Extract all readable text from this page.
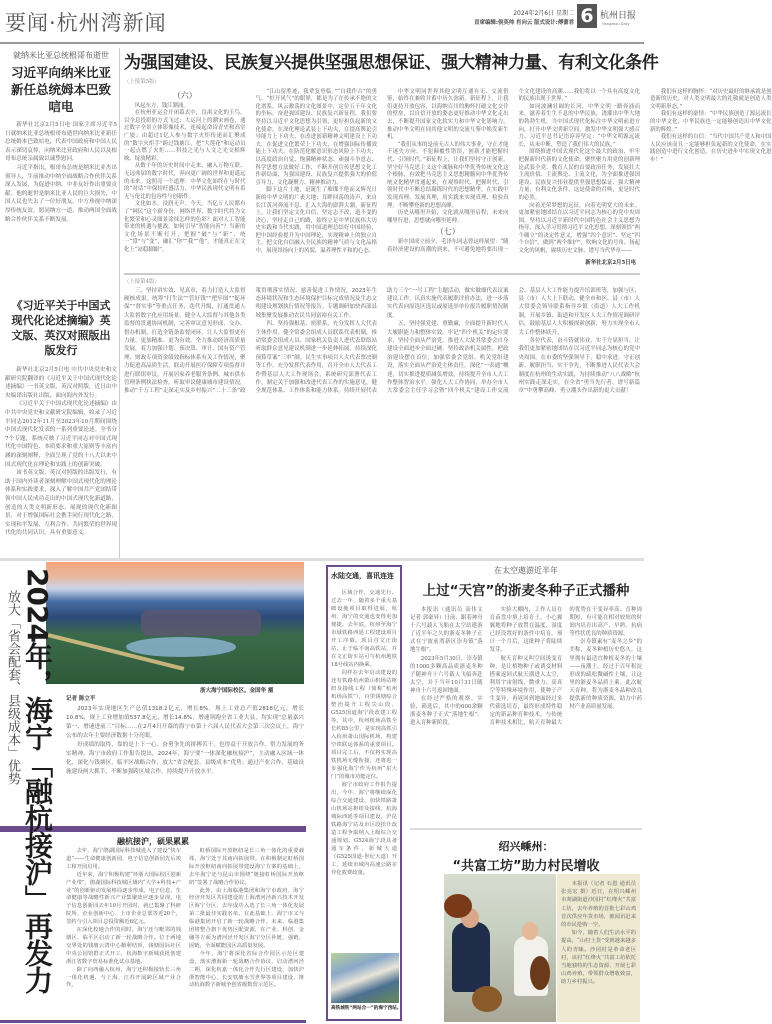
要闻·杭州湾新闻	2024年2月6日 星期二
首席编辑:侯英帅 肖向云 版式设计:傅蕾君 6 杭州日报
Hangzhou Daily
就纳米比亚总统根哥布逝世
习近平向纳米比亚新任总统姆本巴致唁电

新华社北京2月5日电 国家主席习近平5日就纳米比亚总统根哥布逝世向纳米比亚新任总统姆本巴致唁电，代表中国政府和中国人民表示深切哀悼，向纳米比亚政府和人民以及根哥布总统亲属致以诚挚慰问。

习近平指出，根哥布总统是纳米比亚杰出领导人，生前推动中纳全面战略合作伙伴关系深入发展，为促进中纳、中非友好作出重要贡献。他的逝世是纳米比亚人民的巨大损失，中国人民也失去了一位好朋友。中方珍视中纳深厚传统友谊，愿同纳方一道，推动两国全面战略合作伙伴关系不断发展。

《习近平关于中国式现代化论述摘编》英文版、英汉对照版出版发行

新华社北京2月5日电 中共中央党史和文献研究院翻译的《习近平关于中国式现代化论述摘编》一书英文版、英汉对照版，近日由中央编译出版社出版，面向海内外发行。

《习近平关于中国式现代化论述摘编》由中共中央党史和文献研究院编辑，收录了习近平同志2012年11月至2023年10月期间围绕中国式现代化发表的一系列重要论述。全书分7个专题，系统反映了习近平同志对中国式现代化中国特色、本质要求和重大原则等丰富内涵的深刻阐释，全面呈现了党的十八大以来中国式现代化在理论和实践上的创新突破。

该书英文版、英汉对照版的出版发行，有助于国内外读者深刻理解中国式现代化的理论体系和实践要求，深入了解中国共产党团结带领中国人民成功走出的中国式现代化新道路、创造的人类文明新形态、展现的现代化新图景，对于增强国际社会携手同行现代化之路、实现和平发展、互利合作、共同繁荣的世界现代化的共同认识，具有重要意义。

为强国建设、民族复兴提供坚强思想保证、强大精神力量、有利文化条件
（上接第5版）

（六）

风起东方，钱江潮涌。

在杭州亚运会开闭幕式中，良渚文化的玉鸟，以全息投影的方式飞过；大运河上的潮宋画卷，通过数字全景立体影像技术，连接起命诗青史和高堂广厦；由超过1亿人参与数字火炬传递而汇聚成的“数字火炬手”跨过钱塘江，把“大莲花”和运动员一起点燃了火炬……科技之光与人文之光交相辉映、绽放精彩。

从数千年的历史时间中走来，融入万物互联、无远弗届的数字时代，奔向更广阔的世界和更遥远的未来。这照亮一个道理：中华文化始终在与时代的“对话”中保持旺盛活力，中华民族现代文明有着无与伦比的包容性与创新性。

文化如水，浸润无声。今天，当亿万人民都有了“网民”这个新身份，网络世界、数字时代将为文化繁荣和心灵图景涂抹怎样的色彩？面对人工智能带来的机遇与挑战，如何引导“智能向善”？当新的文化场景不断打开，把握“破”与“新”、统一“常”与“变”，融汇“你”“我”“他”，才能真正在文化上“站稳脚跟”。

“江山留胜迹，我辈复登临。”“自我作古”的勇气、“恒开风气”的眼界，都是为了在传承不绝的文化谱系、风云激荡的文化图景中，定位五千年文化的坐标。奋进强国建设、民族复兴新征程，我们要坚持以习近平文化思想为引领，更好担负起新的文化使命，在深化理论武装上下功夫，在提高舆论引导能力上下功夫，在改进创新精神文明建设上下功夫，在促进文化繁荣上下功夫，在增强国际传播效能上下功夫，在防范化解意识形态风险上下功夫，以高度政治自觉、饱满精神状态、顽强斗争意志、科学思想方法做好工作，不断开创宣传思想文化工作新局面，为强国建设、民族复兴提供强大的价值引导力、文化凝聚力、精神推动力。

脚下这片土地，是诞生了璀璨不绝而又辉光日新的中华文明的广袤大地；耳畔回荡的涛声，来自长江黄河奔流不息、汇入大海的澎湃大潮。新征程上，让我们坚定文化自信，坚定志不改、道不变的决心，坚持走自己的路，始终立足中华民族伟大历史实践和当代实践，用中国道理总结好中国经验，把中国经验提升为中国理论，实现精神上的独立自主，把文化自信融入全民族的精神气质与文化品格中，展现昂扬向上的风貌、温养理性平和的心态。

中华文明同世界其他文明互通有无、交流借鉴，始终在兼收并蓄中历久弥新。新征程上，让我们更持开放包容，以海纳百川的胸怀打破文化交往的壁垒，以自信开放的姿态更好推动中华文化走出去，不断提升国家文化软实力和中华文化影响力，推动中华文明在同其他文明的交流互鉴中焕发新生机。

“我们从事的是前无古人的伟大事业，守正才能不迷失方向、不犯颠覆性错误，创新才能把握时代、引领时代。”新征程上，让我们坚持守正创新，坚守好马克思主义这个魂脉和中华优秀传统文化这个根脉，有效把马克思主义思想精髓同中华优秀传统文化精华贯通起来，在观察时代、把握时代、引领时代中不断总结凝练时代的思想精华，在实践中发现真理、发展真理，用实践来实现真理、检验真理，不断攀登新的思想高峰。

历史从哪里开始，文化就从哪里启程；未来向哪里行进，思想就向哪里延伸。

（七）

新中国成立前夕，毛泽东同志曾这样展望：“随着经济建设的高潮的到来，不可避免地将要出现一个文化建设的高潮……我们将以一个具有高度文化的民族出现于世界。”

如同波澜壮阔的长河，中华文明一路奔涌而来，滋养着生生不息的中华民族，浇灌出中华大地的勃勃生机。当中国式现代化标注中华文明前进方向，打开中华文明新空间，激发中华文明强大感召力，习近平总书记语谆谆坚定：“中华文明源远流长，从未中断，塑造了我们伟大的民族。”

围绕推进中国式现代化这个最大的政治，牢牢把握新时代新的文化使命，聚焦聚力用党的创新理论武装全党、教育人民的首要政治任务，发展壮大主流价值、主流舆论、主流文化，为全面推进强国建设、民族复兴伟业提供坚强思想保证、强大精神力量、有利文化条件，这是使命的召唤，更是时代的必然。

向着光荣梦想的远征，向着光明宽大的未来。更加紧密地团结在以习近平同志为核心的党中央周围，坚持以习近平新时代中国特色社会主义思想为指导，深入学习贯彻习近平文化思想，深刻领悟“两个确立”的决定性意义，增强“四个意识”、坚定“四个自信”、做到“两个维护”，吹响文化的号角、扬起文化的风帆，赓续历史文脉、谱写当代华章——

我们有这样的胸怀：“对历史最好的继承就是创造新的历史，对人类文明最大的礼敬就是创造人类文明新形态。”

我们有这样的豪情：“中华民族创造了源远流长的中华文化，中华民族也一定能够创造出中华文化新的辉煌。”

我们有这样的自信：“当代中国共产党人和中国人民应该而且一定能够担负起新的文化使命，在实践创造中进行文化创造，在历史进步中实现文化进步！”

新华社北京2月5日电
（上接第4版）

三、坚持讲实效、见真章，着力打造人大监督硬核成果。统筹“打生法”“管好钱”“把牢图”“促环保”“督实事”等重点任务，迭代升级，打通贯通人大监督数字化应用场景，健全人大监督与其他各类监督的贯通协同机制，完善审议意见形成、交办、督办机制，打造全链条监督闭环，让人大监督更有力量、更加精准、更为有效。全力推动经济高质量发展，着力加强计划、预决算、审计、国有资产管理、财政专项资金绩效指标体系有关工作情况，聚力促进高品质生活，联动开展医疗保障专项监督并进行联组审议，开展居家养老服务条例、城市供水管理条例执法检查，听取审议健康城市建设情况，推动“千万工程”走深走实及乡村振兴“二十三条”政策贯彻落实情况、慈善促进工作情况，2023年生态环境状况和生态环境保护目标完成情况及生态文明建设规划执行情况等报告。专题调研加快西部县域集聚发展推动农民共同富裕有关工作。

四、坚持强根基、密联系，充分发挥人大代表主体作用。健全常委会组成人员联系代表机制，推动常委会组成人员、国家机关负责人进代表联络站听取群众意见建议机制进一步延伸拓展，持续深化预算草案“三审”制、民生实事项目人大代表票决制等工作。充分发挥代表作用，召开全市人大代表工作暨基层人大工作现场会，系统研究部署代表工作，制定关于加强和改进代表工作的实施意见，健全规范体系、工作体系和能力体系。持续开展代表助力三个“一号工程”主题活动，做实做细代表议案建议工作，认真实施代表履职评价办法，进一步落实代表向原选区选民或原选举单位报告履职情况制度。

五、坚持强党建、重勤廉，全面提升新时代人大履职能力和整体实效。牢记“四个机关”的定位要求，坚持全面从严治党，推进人大及其常委会自身建设全面进步全面过硬。坚持政治机关属性，把政治建设摆在首位，加强常委会党组、机关党组建设，落实全面从严治党主体责任。深化“一表通”概述，切实推进提质减负增效，持续提升全市人大工作整体智治水平。强化人大工作协同，举办全市人大常委会主任学习会暨“四个机关”建设工作交流会、基层人大工作能力提升培训班等，加强与区、县（市）人大上下联动，健全市和区、县（市）人大常委会领导联系指导乡镇（街道）人大工作机制，开展乡镇、街道和开发区人大工作情况调研评估，鼓励基层人大积极探索创新，努力实现全市人大工作整体跃升。

各位代表，奋斗铸就伟业，实干方显担当。让我们更加紧密地团结在以习近平同志为核心的党中央周围，在市委的坚强领导下，稳中求进、守正创新、履职担当、实干争先，不断推进人民代表大会制度在杭州的生动实践，为持续推动“八八战略”杭州实践走深走实，在全省“勇当先行者、谱写新篇章”中勇攀高峰、勇立潮头作出新的更大贡献！

放大「省会配套、县级成本」优势 2024年，海宁「融杭接沪」再发力	浙大海宁国际校区。金国华 摄
记者 陈立平

2023年实现地区生产总值1318.2亿元，增长8%，规上工业总产值2818亿元，增长10.8%，规上工业增加值537.8亿元，增长14.8%，增速领跑全省工业大县，均实现“总量嘉兴第一、增速进前三”目标……在2月4日开幕的海宁市第十六届人民代表大会第三次会议上，海宁公布的去年主要经济数据十分亮眼。

好成绩的取得，靠的是上下一心、奋勇争先的拼搏苦干，也得益于开放合作、借力发展的务实精神。海宁市政府工作报告提出，2024年，海宁要“一体深化融杭接沪”，主动融入区域一体化，深化与钱塘区、临平区战略合作，放大“省会配套、县级成本”优势；通过产业合作、基础设施建设两大抓手，不断加强跨区域合作，持续提升开放水平。

融杭接沪，硕果累累

去年，海宁鹃湖国际科技城进入了建设“快车道”——生命健康创新园、电子信息创新园先后竣工和开园启用。

近年来，海宁积极构建“环浙大国际校区创新产业带”，鹃湖国际科技城区域内“大学+科技+产业”的创新驱动发展格局逐步形成，电子信息、生命健康等战略性新兴产业集聚效应逐步显现。电子信息创新园去年10月开园时，就已集聚了科研院所、企业创新中心、上市企业总部等近20个，签约与引入项目总投资额近6亿元。

在深化校地合作的同时，海宁还与毗邻的钱塘区、临平区启动了新一轮战略合作。位于两地交界处的钱塘云湾中心顺利结顶，钱塘国际社区中央公园馆群正式开工，杭海数字新城获批创建浙江省数字贸易标准化试点基地。

除了向西融入杭州，海宁还积极接轨长三角一体化机遇，与上海、江苏开展跨区域产业合作。

虹桥国际开放枢纽是长三角一体化的重要载体，海宁处于其南向拓展带。在积极制定虹桥国际开放枢纽南向拓展带建设海宁方案的基础上，去年海宁还与昆山市围绕“链接虹桥国际开放枢纽”签署了战略合作协议。

此外，由上海临港集团和海宁市政府、海宁经济开发区共同建设的上海漕河泾新兴技术开发区海宁分区，去年成功入选了长三角一体化发展第二批最佳实践名单。在此基础上，海宁市又与临港集团开启了新一轮战略合作。未来，临港集团将整合旗下优势区配资源，在产业、科创、金融等方面为漕河泾开发区海宁分区补链、强链、固链，全面赋能园区高质量发展。

今年，海宁将深化省际合作园区示范区建设，落实漕海新一轮战略合作协议，启动漕河泾二期，深化杭嘉一体化合作先行区建设，加快沪浙智能中心、长安铁塘水雪世界等项目建设，推动杭海数字新城争创省级数贸示范区。

水陆交通，喜讯连连

区域合作，交通先行。过去一年，随着多个重大基础设施项目取得进展，杭州、海宁的交通也变得更加便捷。去年底，杭州至海宁市域铁路西延工程建设项目开工序幕。项目自文正街站，止于临平南高铁站，并在文正街车站可与杭州地铁18号线站内换乘。

同样在去年启动建设的还有铁路杭州萧山机场站枢纽及接线工程（简称“杭州机场高铁”），百里钱塘综合整治提升工程尖山段、G525国道海宁段改建工程等。其中，杭州机场高铁全长约85公里，是实现高铁引入杭州萧山国际机场，构建空铁联运体系的重要项目。项目完工后，不仅将实现高铁机场无缝衔接，还将进一步强化海宁作为杭州“东大门”的城市功能定位。

海宁市政府工作报告提出，今年，海宁将继续深化综合交通建设，加快铁路萧山机场站枢纽及接线、杭海城际西延等项目建设，沪昆铁路海宁站及市区段抬升改造工程争取纳入上级综合交通规划。G524海宁段具备通车条件，新城大道（G525国道-世纪大道）开工，延续市域内高速公路差异化收费政策。

高铁城铁“两站合一”的海宁西站。
在太空遨游近半年
上过“天宫”的浙麦冬种子正式播种

本报讯（通讯员 高伟文 记者 郭豪昇）日前，跟着神舟十六号载人飞船在太空站遨游了近半年之久的浙麦冬种子正式在宁波前湾新区崇寿镇“落地生根”。

2023年5月30日，崇寿镇的1000多颗高品质浙麦冬种子随神舟十六号载人飞船奔赴太空，并于当年10月31日随神舟十六号返回地面。

在经过严格的观察、实验、筛选后，其中的600余颗浙麦冬种子正式“落地生根”，进入育种新阶段。

实验大棚内，工作人员在育苗盘中填上培育土，小心翼翼地将种子放置在温度、湿度已经设置好的条件中培育。预计一个月后，这批种子将陆续发芽。

航天育种又叫空间诱变育种，是让植物种子或诱变材料搭乘返回式航天器进入太空，利用宇宙射线、微重力、高真空等特殊环境作用，使种子产生变异，再返回到地面经过多代筛选培育，最终形成特性稳定的新品种育种技术。与传统育种技术相比，航天育种最大的优势在于变异率高、育种周期短，有可能在相对较短的时间内培育出高产、早熟、抗病等性状优良的种质资源。

崇寿镇素有“麦冬之乡”的美称，麦冬种植历史悠久。这里拥有最适宜种植麦冬的土壤——夜潮土，经过千百年积淀形成的疏松微碱性土壤，让这里的浙麦冬品质上乘。此次航天育种，将为浙麦冬品种改良提供新的种质资源，助力中药材产业高质量发展。

绍兴嵊州：
“共富工坊”助力村民增收

本报讯（记者 石恩 通讯员 张亮宏 摄）近日，在绍兴嵊州市剡湖街道沙园村“红绛火”共富工坊，去年养殖的首批七彩山鸡首次供应年货市场，被闻讯赶来的市民抢购一空。

如今，随着人们生活水平的提高，“山村土货”受到越来越多人的青睐。沙园村是革命老区村，该村“红绛火”共富工坊依托当地独特的生态资源，开展七彩山鸡养殖，带领群众增收致富，助力乡村振兴。
